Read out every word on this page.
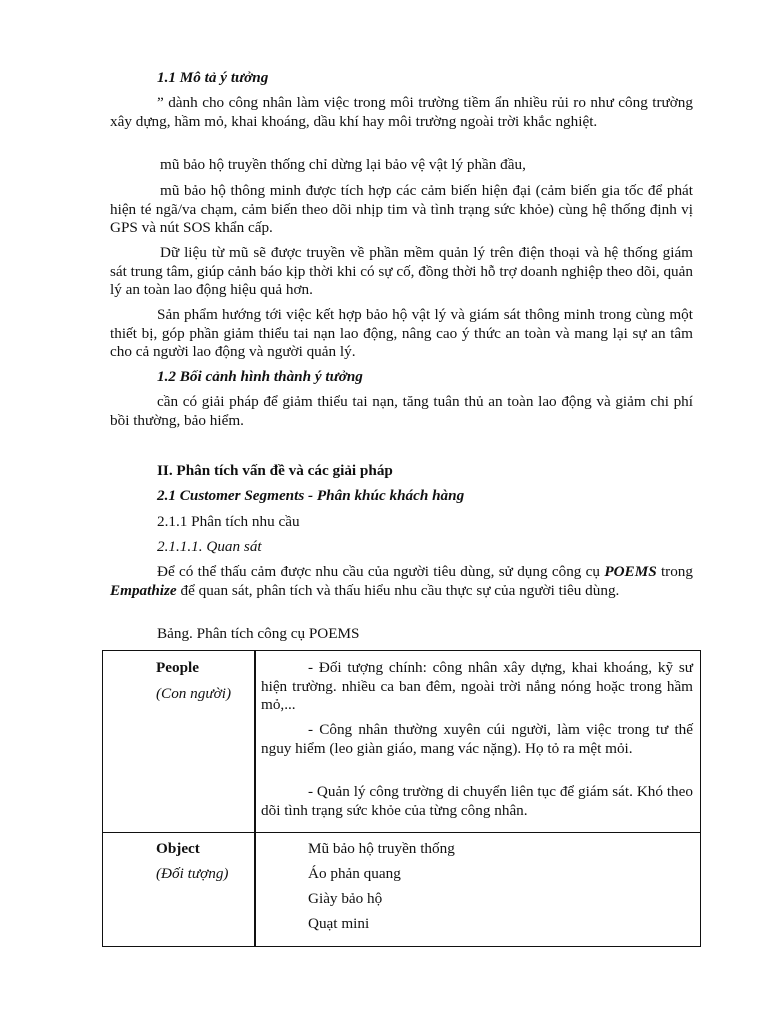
1.1 Mô tả ý tưởng

” dành cho công nhân làm việc trong môi trường tiềm ẩn nhiều rủi ro như công trường xây dựng, hầm mỏ, khai khoáng, dầu khí hay môi trường ngoài trời khắc nghiệt.

mũ bảo hộ truyền thống chỉ dừng lại bảo vệ vật lý phần đầu,

mũ bảo hộ thông minh được tích hợp các cảm biến hiện đại (cảm biến gia tốc để phát hiện té ngã/va chạm, cảm biến theo dõi nhịp tim và tình trạng sức khỏe) cùng hệ thống định vị GPS và nút SOS khẩn cấp.

Dữ liệu từ mũ sẽ được truyền về phần mềm quản lý trên điện thoại và hệ thống giám sát trung tâm, giúp cảnh báo kịp thời khi có sự cố, đồng thời hỗ trợ doanh nghiệp theo dõi, quản lý an toàn lao động hiệu quả hơn.

Sản phẩm hướng tới việc kết hợp bảo hộ vật lý và giám sát thông minh trong cùng một thiết bị, góp phần giảm thiểu tai nạn lao động, nâng cao ý thức an toàn và mang lại sự an tâm cho cả người lao động và người quản lý.

1.2 Bối cảnh hình thành ý tưởng

cần có giải pháp để giảm thiểu tai nạn, tăng tuân thủ an toàn lao động và giảm chi phí bồi thường, bảo hiểm.

II. Phân tích vấn đề và các giải pháp

2.1 Customer Segments - Phân khúc khách hàng

2.1.1 Phân tích nhu cầu

2.1.1.1. Quan sát

Để có thể thấu cảm được nhu cầu của người tiêu dùng, sử dụng công cụ POEMS trong Empathize để quan sát, phân tích và thấu hiểu nhu cầu thực sự của người tiêu dùng.

Bảng. Phân tích công cụ POEMS

People

(Con người)

- Đối tượng chính: công nhân xây dựng, khai khoáng, kỹ sư hiện trường. nhiều ca ban đêm, ngoài trời nắng nóng hoặc trong hầm mỏ,...

- Công nhân thường xuyên cúi người, làm việc trong tư thế nguy hiểm (leo giàn giáo, mang vác nặng). Họ tỏ ra mệt mỏi.

- Quản lý công trường di chuyển liên tục để giám sát. Khó theo dõi tình trạng sức khỏe của từng công nhân.

Object

(Đối tượng)

Mũ bảo hộ truyền thống
Áo phản quang
Giày bảo hộ
Quạt mini
